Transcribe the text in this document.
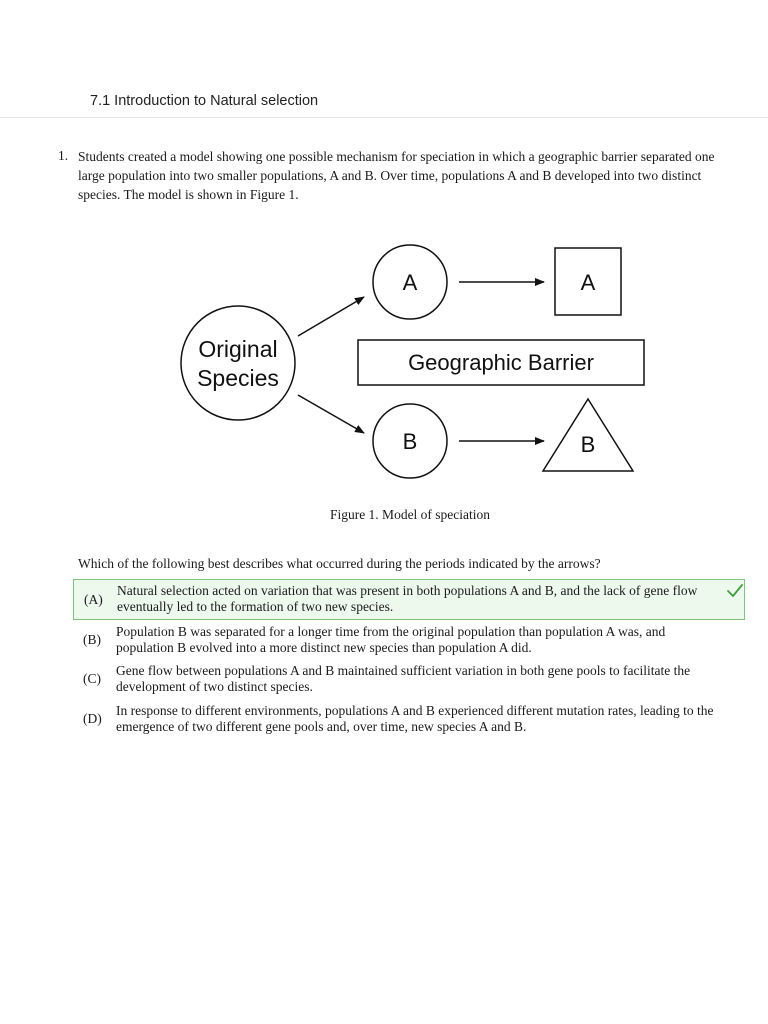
7.1 Introduction to Natural selection
1. Students created a model showing one possible mechanism for speciation in which a geographic barrier separated one large population into two smaller populations, A and B. Over time, populations A and B developed into two distinct species. The model is shown in Figure 1.
Original
Species
A
B
A
B
Geographic Barrier
Figure 1. Model of speciation
Which of the following best describes what occurred during the periods indicated by the arrows?
(A)
Natural selection acted on variation that was present in both populations A and B, and the lack of gene flow eventually led to the formation of two new species.
(B)
Population B was separated for a longer time from the original population than population A was, and population B evolved into a more distinct new species than population A did.
(C)
Gene flow between populations A and B maintained sufficient variation in both gene pools to facilitate the development of two distinct species.
(D)
In response to different environments, populations A and B experienced different mutation rates, leading to the emergence of two different gene pools and, over time, new species A and B.
